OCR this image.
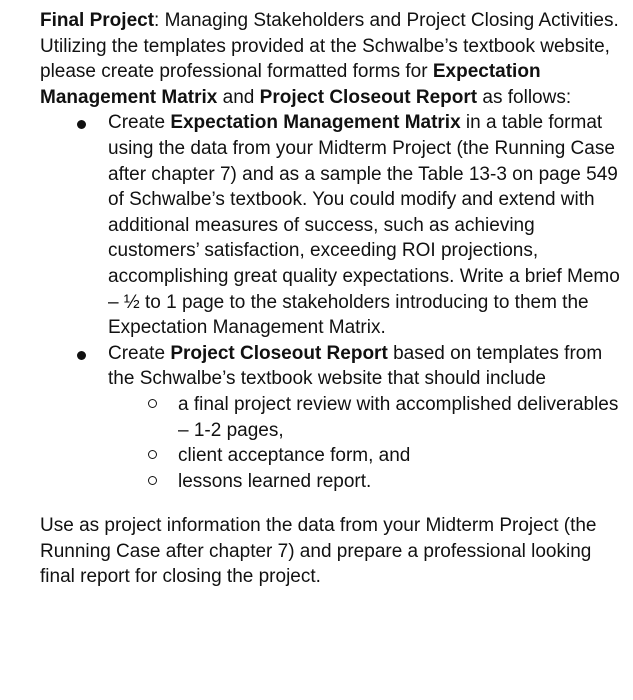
Final Project: Managing Stakeholders and Project Closing Activities.

Utilizing the templates provided at the Schwalbe’s textbook website, please create professional formatted forms for Expectation Management Matrix and Project Closeout Report as follows:

Create Expectation Management Matrix in a table format using the data from your Midterm Project (the Running Case after chapter 7) and as a sample the Table 13-3 on page 549 of Schwalbe’s textbook. You could modify and extend with additional measures of success, such as achieving customers’ satisfaction, exceeding ROI projections, accomplishing great quality expectations. Write a brief Memo – ½ to 1 page to the stakeholders introducing to them the Expectation Management Matrix.
Create Project Closeout Report based on templates from the Schwalbe’s textbook website that should include
a final project review with accomplished deliverables – 1-2 pages,
client acceptance form, and
lessons learned report.

Use as project information the data from your Midterm Project (the Running Case after chapter 7) and prepare a professional looking final report for closing the project.
